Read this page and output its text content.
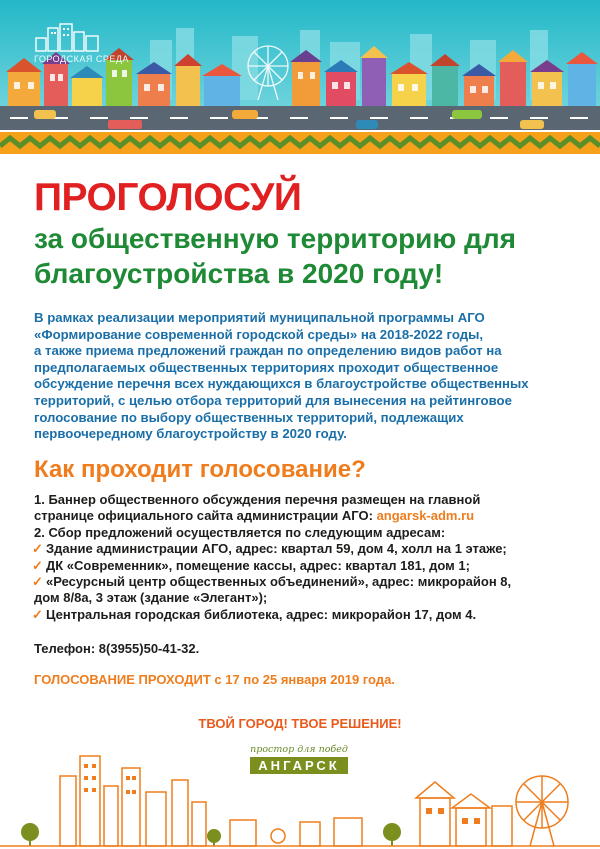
ГОРОДСКАЯ СРЕДА
ПРОГОЛОСУЙ
за общественную территорию для
благоустройства в 2020 году!
В рамках реализации мероприятий муниципальной программы АГО
«Формирование современной городской среды» на 2018-2022 годы,
а также приема предложений граждан по определению видов работ на
предполагаемых общественных территориях проходит общественное
обсуждение перечня всех нуждающихся в благоустройстве общественных
территорий, с целью отбора территорий для вынесения на рейтинговое
голосование по выбору общественных территорий, подлежащих
первоочередному благоустройству в 2020 году.
Как проходит голосование?

1. Баннер общественного обсуждения перечня размещен на главной

странице официального сайта администрации АГО: angarsk-adm.ru

2. Сбор предложений осуществляется по следующим адресам:

✓ Здание администрации АГО, адрес: квартал 59, дом 4, холл на 1 этаже;

✓ ДК «Современник», помещение кассы, адрес: квартал 181, дом 1;

✓ «Ресурсный центр общественных объединений», адрес: микрорайон 8,

дом 8/8а, 3 этаж (здание «Элегант»);

✓ Центральная городская библиотека, адрес: микрорайон 17, дом 4.

Телефон: 8(3955)50-41-32.
ГОЛОСОВАНИЕ ПРОХОДИТ с 17 по 25 января 2019 года.
ТВОЙ ГОРОД! ТВОЕ РЕШЕНИЕ!
простор для побед
АНГАРСК
